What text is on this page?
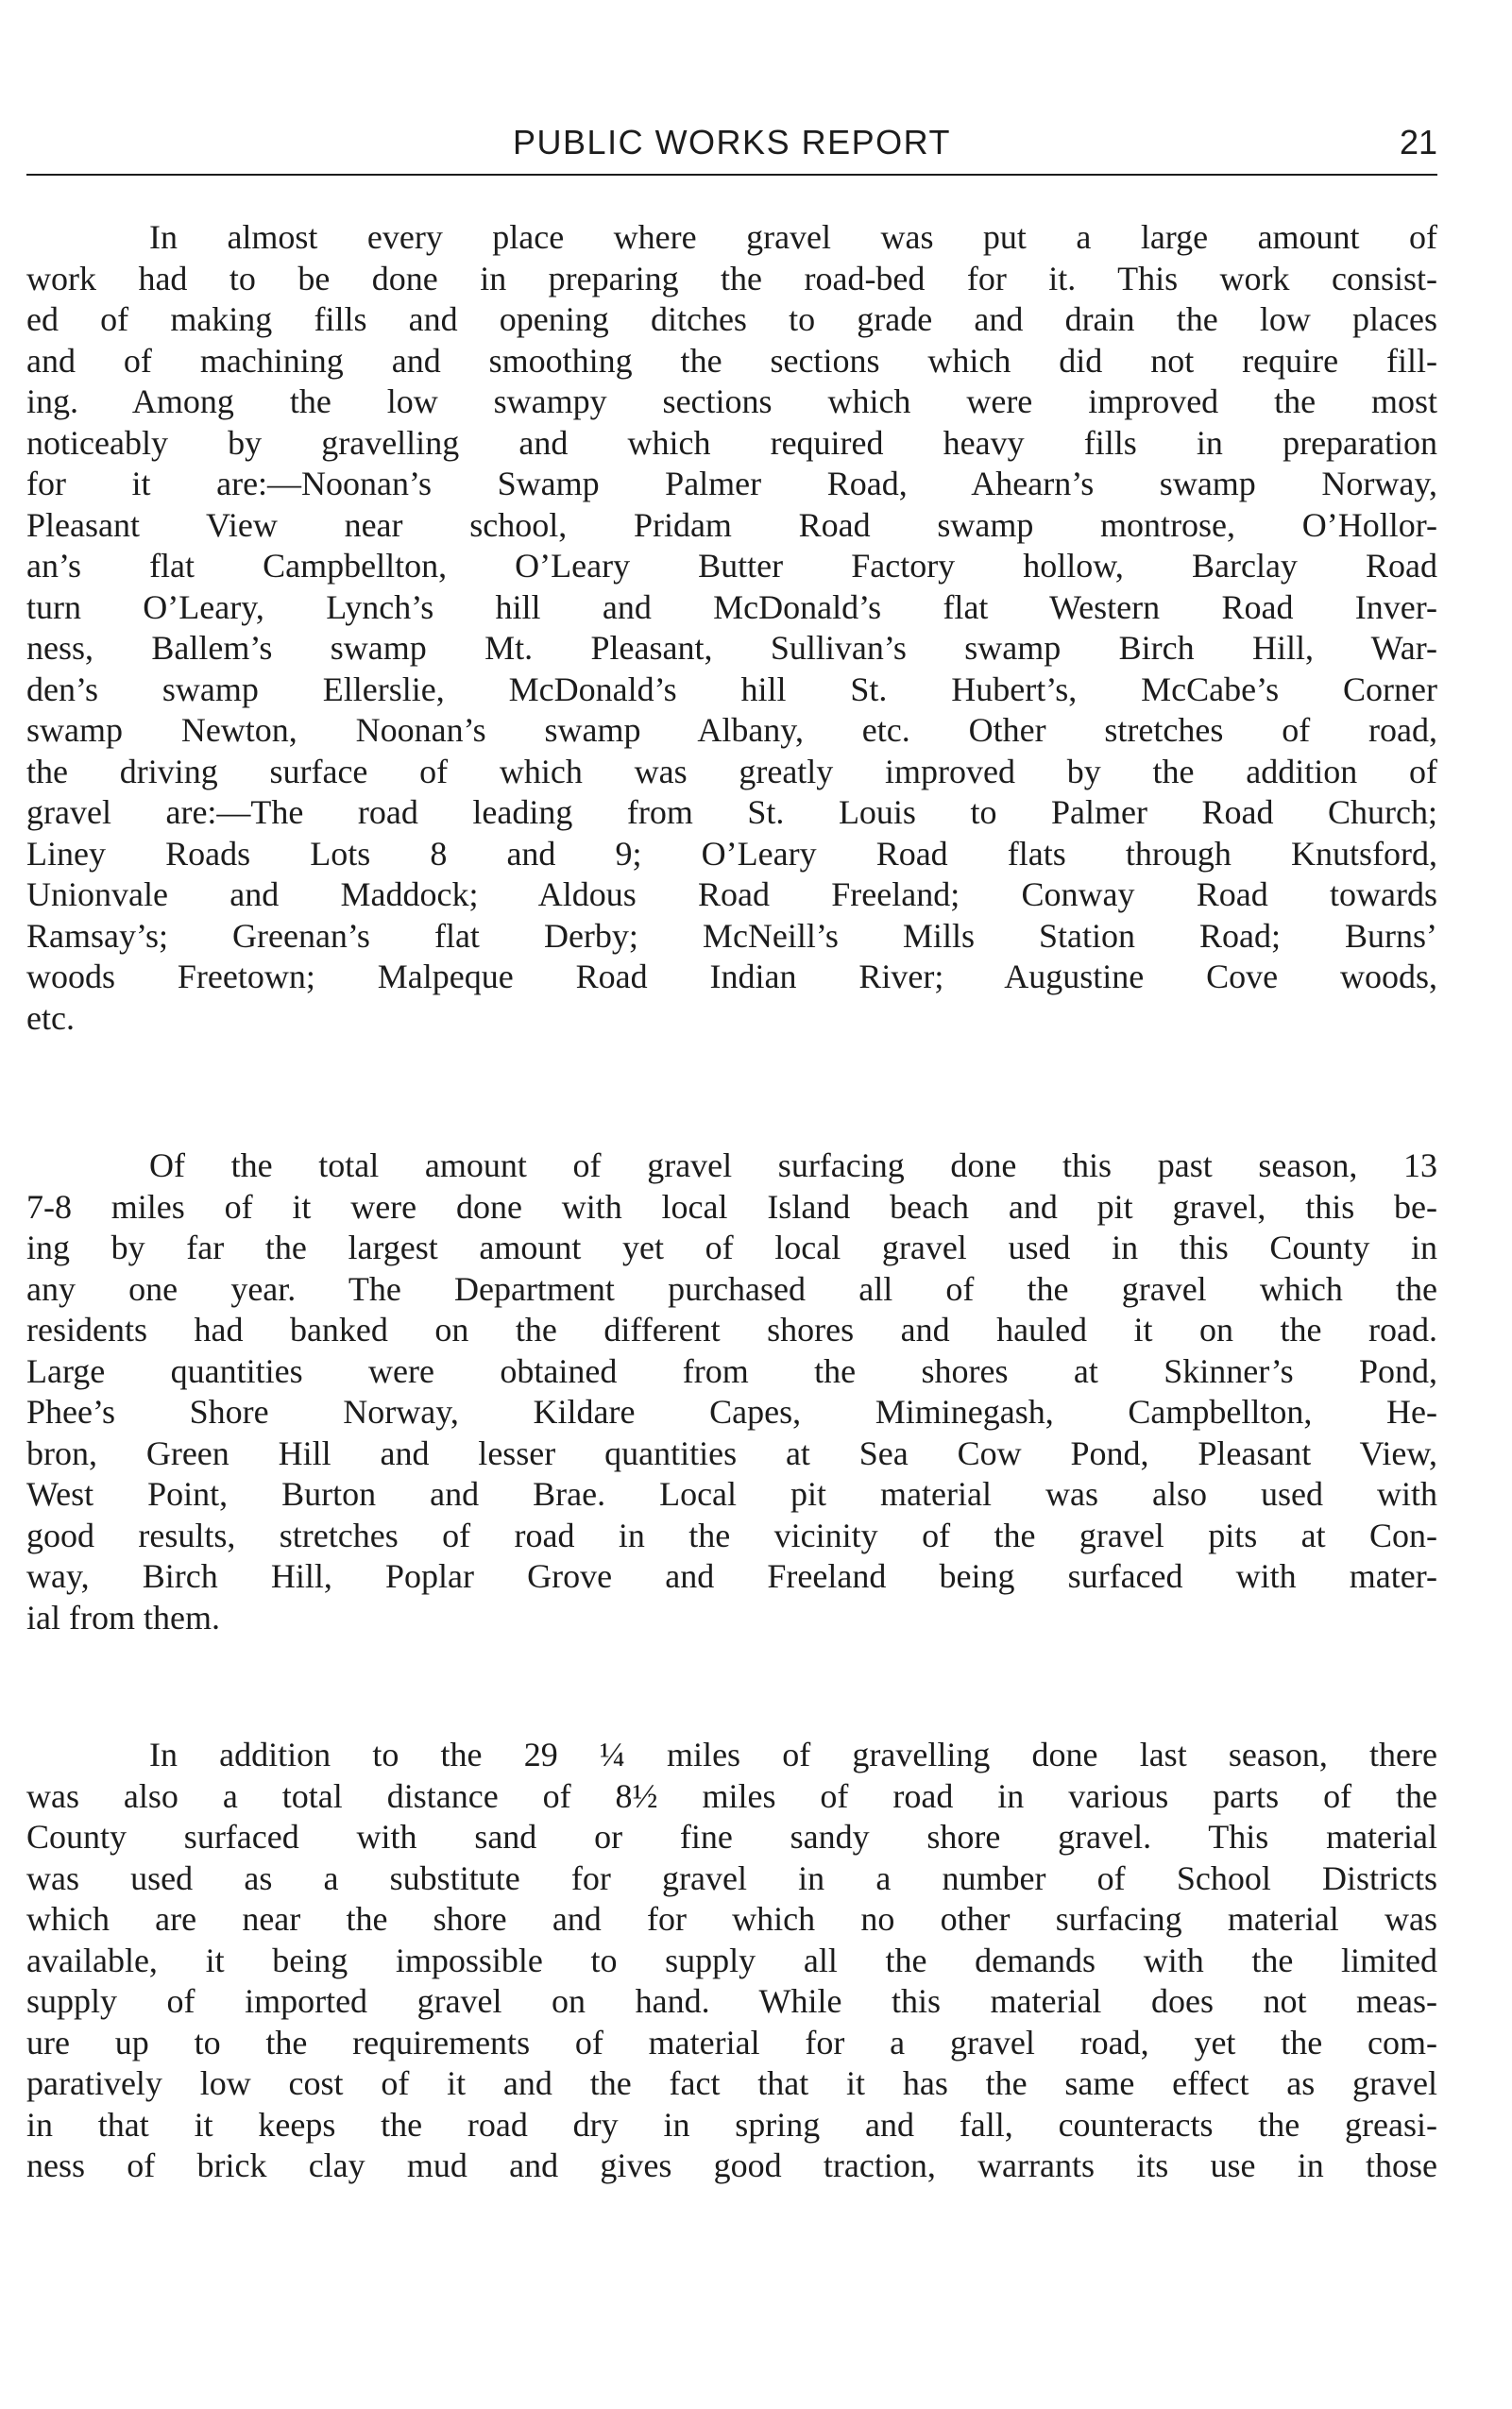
PUBLIC WORKS REPORT	21
In almost every place where gravel was put a large amount of
work had to be done in preparing the road-bed for it. This work consist-
ed of making fills and opening ditches to grade and drain the low places
and of machining and smoothing the sections which did not require fill-
ing. Among the low swampy sections which were improved the most
noticeably by gravelling and which required heavy fills in preparation
for it are:—Noonan’s Swamp Palmer Road, Ahearn’s swamp Norway,
Pleasant View near school, Pridam Road swamp montrose, O’Hollor-
an’s flat Campbellton, O’Leary Butter Factory hollow, Barclay Road
turn O’Leary, Lynch’s hill and McDonald’s flat Western Road Inver-
ness, Ballem’s swamp Mt. Pleasant, Sullivan’s swamp Birch Hill, War-
den’s swamp Ellerslie, McDonald’s hill St. Hubert’s, McCabe’s Corner
swamp Newton, Noonan’s swamp Albany, etc. Other stretches of road,
the driving surface of which was greatly improved by the addition of
gravel are:—The road leading from St. Louis to Palmer Road Church;
Liney Roads Lots 8 and 9; O’Leary Road flats through Knutsford,
Unionvale and Maddock; Aldous Road Freeland; Conway Road towards
Ramsay’s; Greenan’s flat Derby; McNeill’s Mills Station Road; Burns’
woods Freetown; Malpeque Road Indian River; Augustine Cove woods,
etc.
Of the total amount of gravel surfacing done this past season, 13
7-8 miles of it were done with local Island beach and pit gravel, this be-
ing by far the largest amount yet of local gravel used in this County in
any one year. The Department purchased all of the gravel which the
residents had banked on the different shores and hauled it on the road.
Large quantities were obtained from the shores at Skinner’s Pond,
Phee’s Shore Norway, Kildare Capes, Miminegash, Campbellton, He-
bron, Green Hill and lesser quantities at Sea Cow Pond, Pleasant View,
West Point, Burton and Brae. Local pit material was also used with
good results, stretches of road in the vicinity of the gravel pits at Con-
way, Birch Hill, Poplar Grove and Freeland being surfaced with mater-
ial from them.
In addition to the 29 ¼ miles of gravelling done last season, there
was also a total distance of 8½ miles of road in various parts of the
County surfaced with sand or fine sandy shore gravel. This material
was used as a substitute for gravel in a number of School Districts
which are near the shore and for which no other surfacing material was
available, it being impossible to supply all the demands with the limited
supply of imported gravel on hand. While this material does not meas-
ure up to the requirements of material for a gravel road, yet the com-
paratively low cost of it and the fact that it has the same effect as gravel
in that it keeps the road dry in spring and fall, counteracts the greasi-
ness of brick clay mud and gives good traction, warrants its use in those
